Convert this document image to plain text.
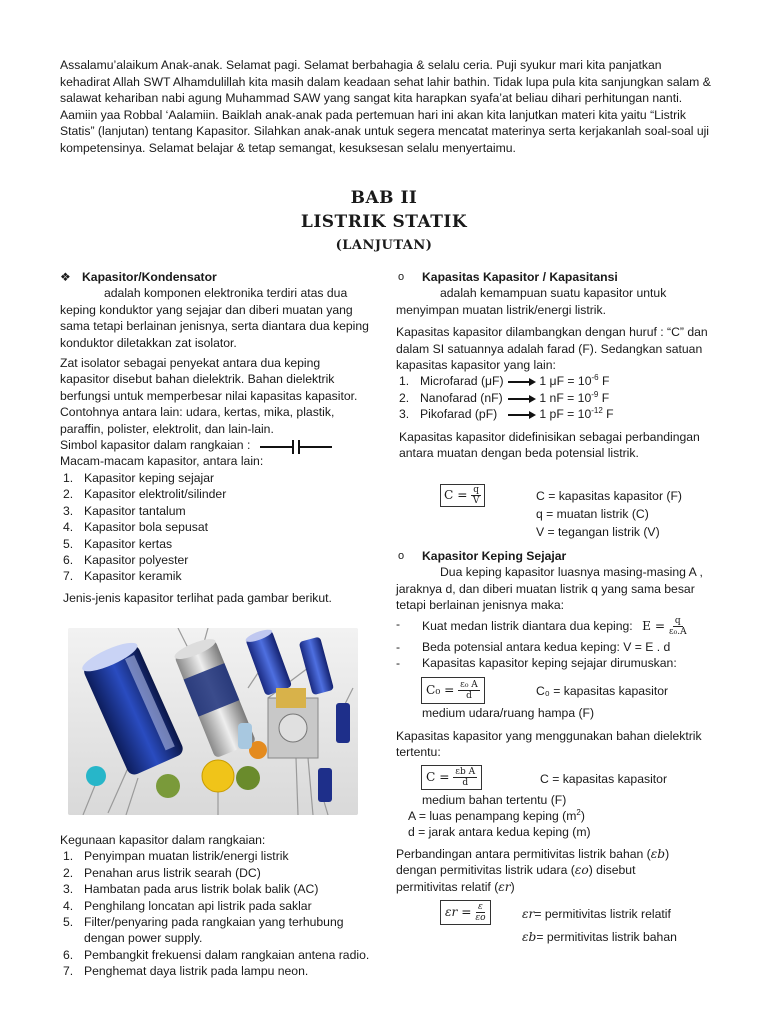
Assalamu’alaikum Anak-anak. Selamat pagi. Selamat berbahagia & selalu ceria. Puji syukur mari kita panjatkan kehadirat Allah SWT Alhamdulillah kita masih dalam keadaan sehat lahir bathin. Tidak lupa pula kita sanjungkan salam & salawat kehariban nabi agung Muhammad SAW yang sangat kita harapkan syafa’at beliau dihari perhitungan nanti. Aamiin yaa Robbal ‘Aalamiin. Baiklah anak-anak pada pertemuan hari ini akan kita lanjutkan materi kita yaitu “Listrik Statis” (lanjutan) tentang Kapasitor. Silahkan anak-anak untuk segera mencatat materinya serta kerjakanlah soal-soal uji kompetensinya. Selamat belajar & tetap semangat, kesuksesan selalu menyertaimu.
BAB II
LISTRIK STATIK
(LANJUTAN)
❖ Kapasitor/Kondensator
adalah komponen elektronika terdiri atas dua keping konduktor yang sejajar dan diberi muatan yang sama tetapi berlainan jenisnya, serta diantara dua keping konduktor diletakkan zat isolator.
Zat isolator sebagai penyekat antara dua keping kapasitor disebut bahan dielektrik. Bahan dielektrik berfungsi untuk memperbesar nilai kapasitas kapasitor. Contohnya antara lain: udara, kertas, mika, plastik, paraffin, polister, elektrolit, dan lain-lain.
Simbol kapasitor dalam rangkaian :
Macam-macam kapasitor, antara lain:
1. Kapasitor keping sejajar
2. Kapasitor elektrolit/silinder
3. Kapasitor tantalum
4. Kapasitor bola sepusat
5. Kapasitor kertas
6. Kapasitor polyester
7. Kapasitor keramik
Jenis-jenis kapasitor terlihat pada gambar berikut.
Kegunaan kapasitor dalam rangkaian:
1. Penyimpan muatan listrik/energi listrik
2. Penahan arus listrik searah (DC)
3. Hambatan pada arus listrik bolak balik (AC)
4. Penghilang loncatan api listrik pada saklar
5. Filter/penyaring pada rangkaian yang terhubung dengan power supply.
6. Pembangkit frekuensi dalam rangkaian antena radio.
7. Penghemat daya listrik pada lampu neon.
o Kapasitas Kapasitor / Kapasitansi
adalah kemampuan suatu kapasitor untuk menyimpan muatan listrik/energi listrik.
Kapasitas kapasitor dilambangkan dengan huruf : “C” dan dalam SI satuannya adalah farad (F). Sedangkan satuan kapasitas kapasitor yang lain:
1. Microfarad (μF)	1 $\mu F = 10^{-6}$ F
2. Nanofarad (nF)	1 nF = $10^{-9}$ F
3. Pikofarad (pF)	1 pF = $10^{-12}$ F
Kapasitas kapasitor didefinisikan sebagai perbandingan antara muatan dengan beda potensial listrik.
$C = \frac{q}{V}$	C = kapasitas kapasitor (F)
q = muatan listrik (C)
V = tegangan listrik (V)
o Kapasitor Keping Sejajar
Dua keping kapasitor luasnya masing-masing A , jaraknya d, dan diberi muatan listrik q yang sama besar tetapi berlainan jenisnya maka:
- Kuat medan listrik diantara dua keping: $E = \frac{q}{\text{ε₀.A}}$
- Beda potensial antara kedua keping: V = E . d
- Kapasitas kapasitor keping sejajar dirumuskan:
$C_0 = \frac{\text{ε₀ A}}{d}$	C₀ = kapasitas kapasitor
medium udara/ruang hampa (F)
Kapasitas kapasitor yang menggunakan bahan dielektrik tertentu:
$C = \frac{\text{εb A}}{d}$	C = kapasitas kapasitor
medium bahan tertentu (F)
A = luas penampang keping $(m^2)$
d = jarak antara kedua keping (m)
Perbandingan antara permitivitas listrik bahan (εb)
dengan permitivitas listrik udara (εo) disebut
permitivitas relatif (εr)
$\varepsilon r = \frac{\varepsilon}{\varepsilon o}$	εr= permitivitas listrik relatif
εb= permitivitas listrik bahan
